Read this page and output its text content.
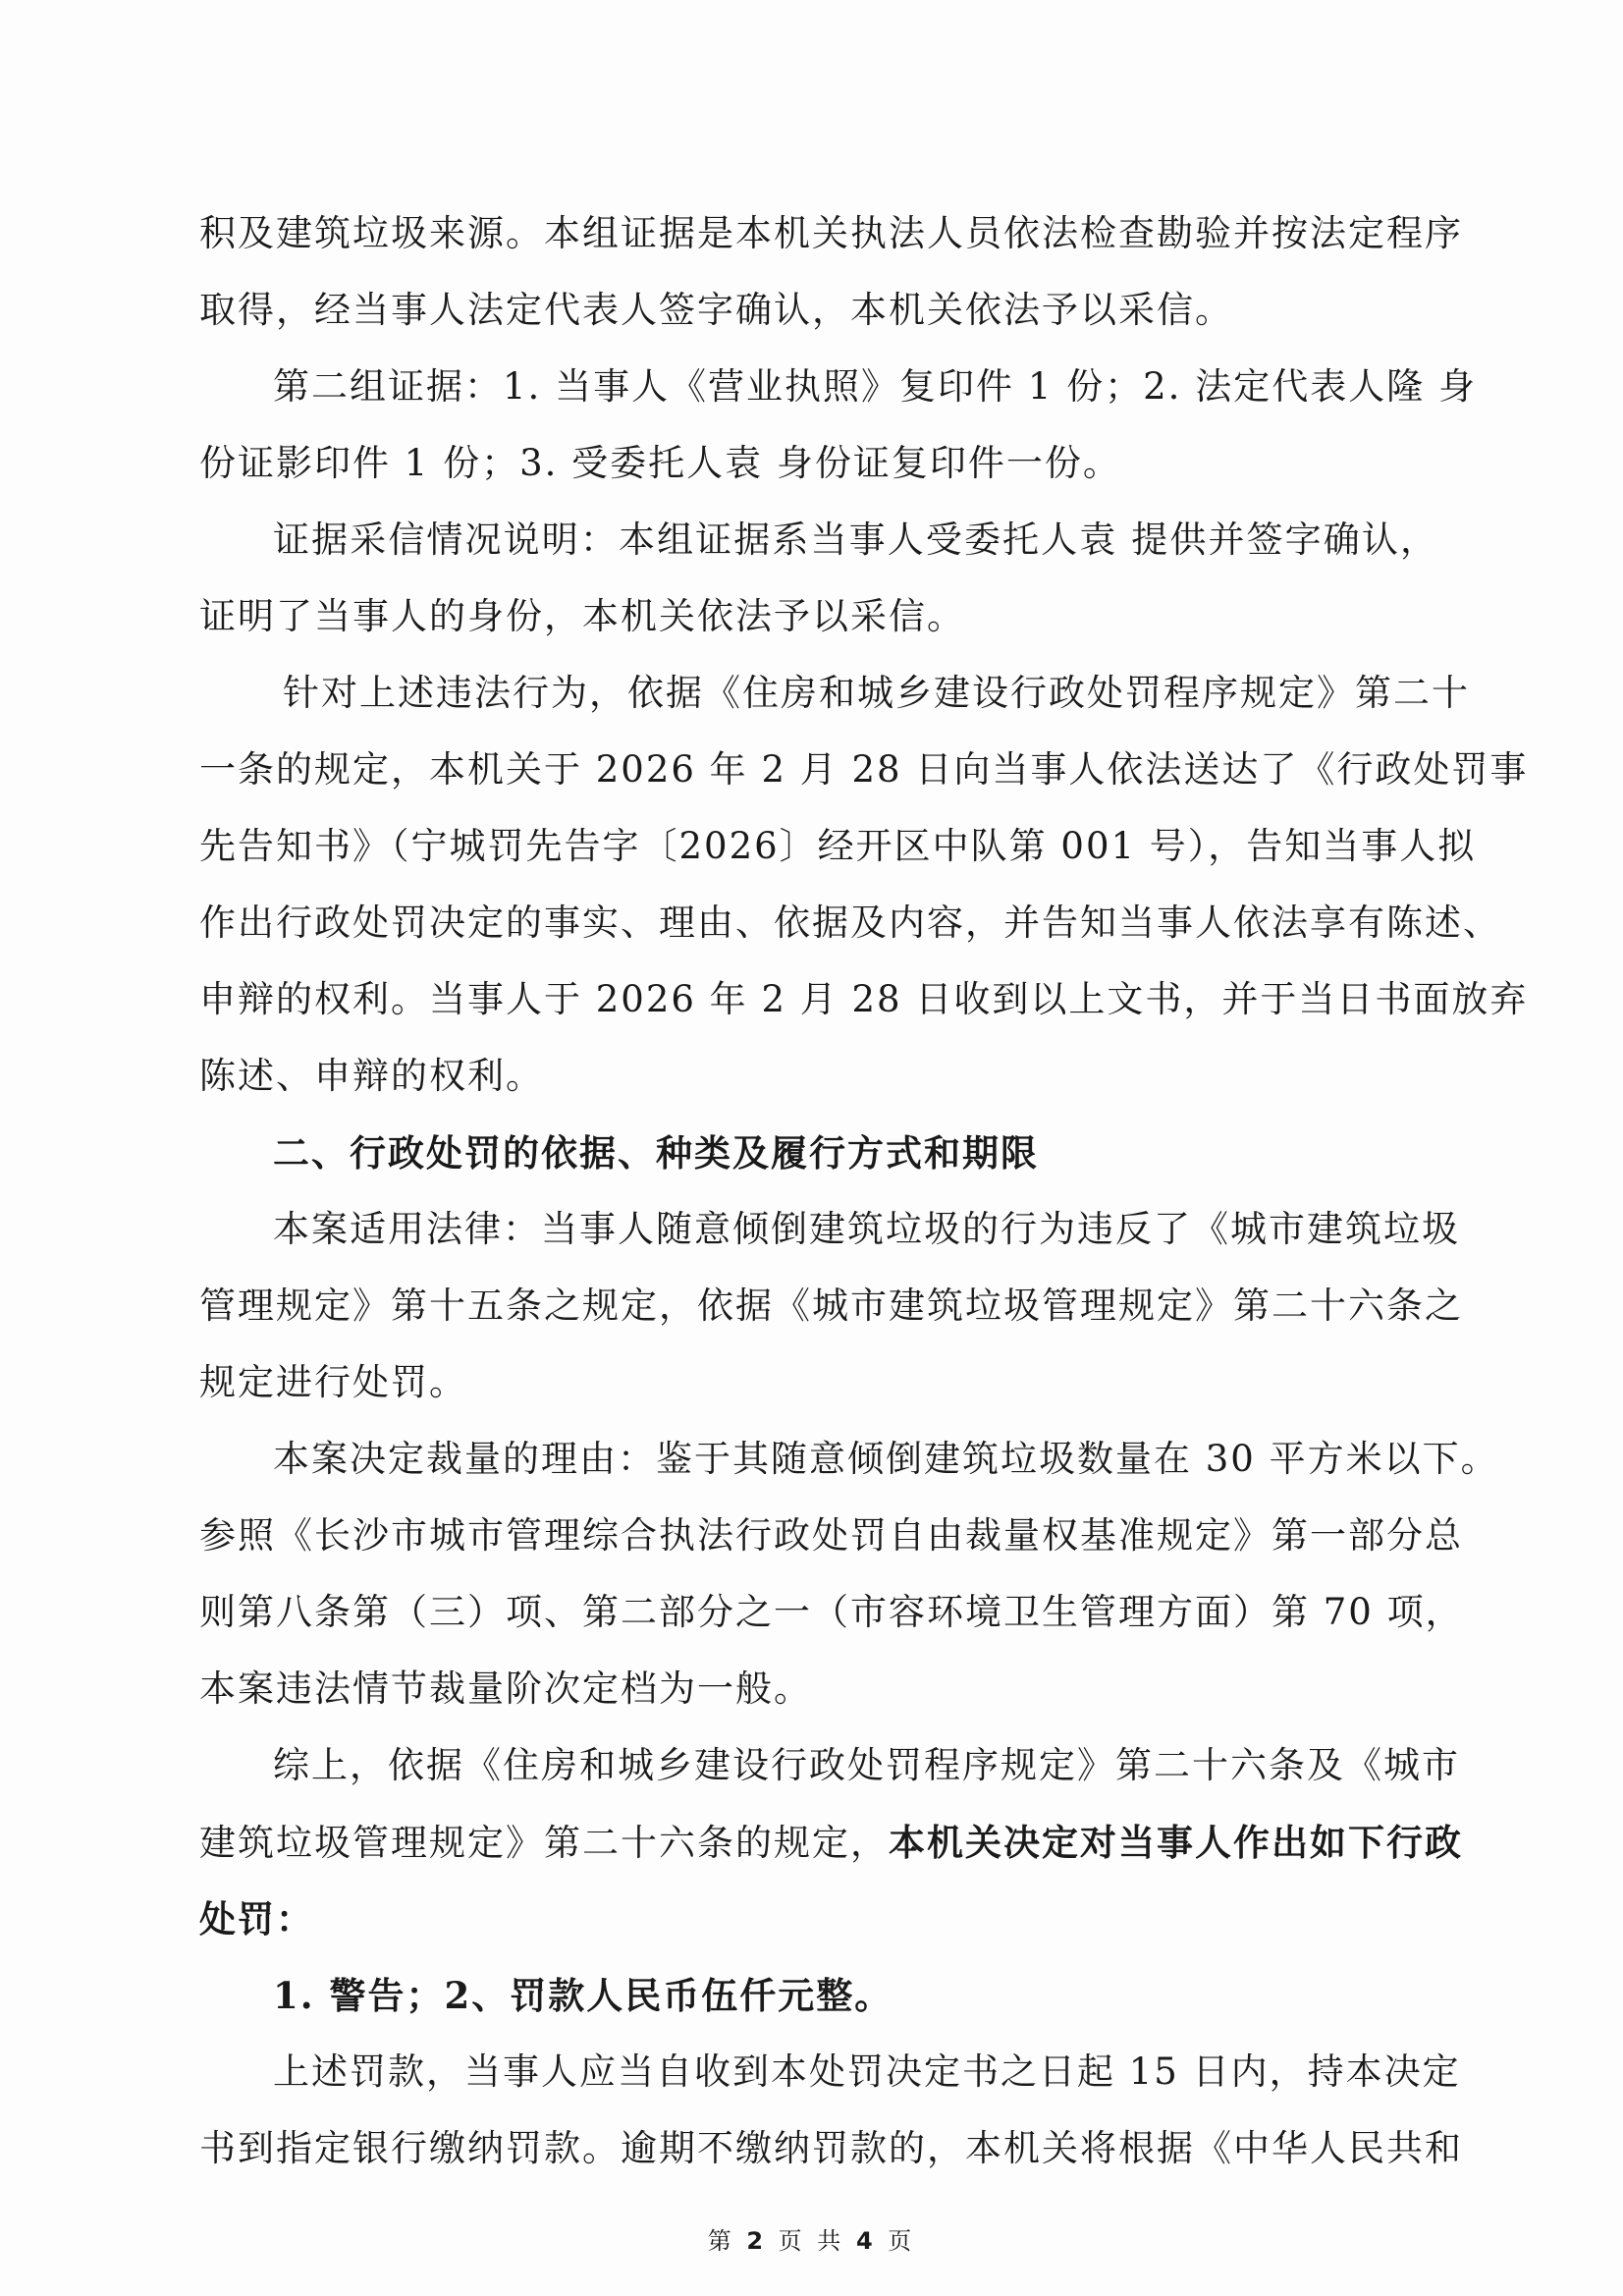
积及建筑垃圾来源。本组证据是本机关执法人员依法检查勘验并按法定程序
取得，经当事人法定代表人签字确认，本机关依法予以采信。
第二组证据：1. 当事人《营业执照》复印件 1 份；2. 法定代表人隆 身
份证影印件 1 份；3. 受委托人袁 身份证复印件一份。
证据采信情况说明：本组证据系当事人受委托人袁 提供并签字确认，
证明了当事人的身份，本机关依法予以采信。
针对上述违法行为，依据《住房和城乡建设行政处罚程序规定》第二十
一条的规定，本机关于 2026 年 2 月 28 日向当事人依法送达了《行政处罚事
先告知书》（宁城罚先告字〔2026〕经开区中队第 001 号），告知当事人拟
作出行政处罚决定的事实、理由、依据及内容，并告知当事人依法享有陈述、
申辩的权利。当事人于 2026 年 2 月 28 日收到以上文书，并于当日书面放弃
陈述、申辩的权利。
二、行政处罚的依据、种类及履行方式和期限
本案适用法律：当事人随意倾倒建筑垃圾的行为违反了《城市建筑垃圾
管理规定》第十五条之规定，依据《城市建筑垃圾管理规定》第二十六条之
规定进行处罚。
本案决定裁量的理由：鉴于其随意倾倒建筑垃圾数量在 30 平方米以下。
参照《长沙市城市管理综合执法行政处罚自由裁量权基准规定》第一部分总
则第八条第（三）项、第二部分之一（市容环境卫生管理方面）第 70 项，
本案违法情节裁量阶次定档为一般。
综上，依据《住房和城乡建设行政处罚程序规定》第二十六条及《城市
建筑垃圾管理规定》第二十六条的规定，本机关决定对当事人作出如下行政
处罚：
1. 警告；2、罚款人民币伍仟元整。
上述罚款，当事人应当自收到本处罚决定书之日起 15 日内，持本决定
书到指定银行缴纳罚款。逾期不缴纳罚款的，本机关将根据《中华人民共和
第 2 页 共 4 页
